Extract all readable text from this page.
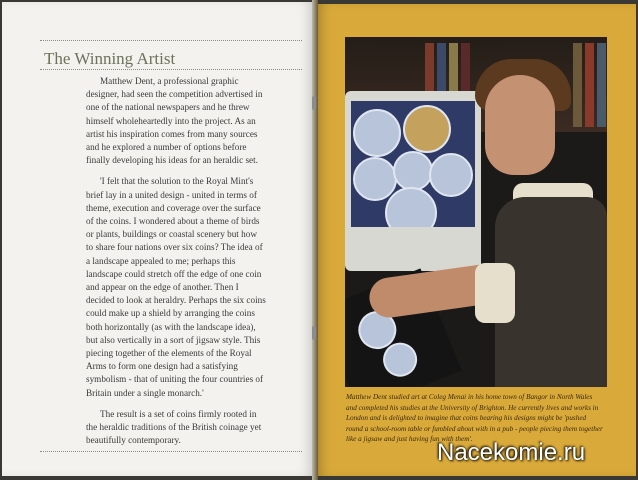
The Winning Artist

Matthew Dent, a professional graphic designer, had seen the competition advertised in one of the national newspapers and he threw himself wholeheartedly into the project. As an artist his inspiration comes from many sources and he explored a number of options before finally developing his ideas for an heraldic set.

'I felt that the solution to the Royal Mint's brief lay in a united design - united in terms of theme, execution and coverage over the surface of the coins. I wondered about a theme of birds or plants, buildings or coastal scenery but how to share four nations over six coins? The idea of a landscape appealed to me; perhaps this landscape could stretch off the edge of one coin and appear on the edge of another. Then I decided to look at heraldry. Perhaps the six coins could make up a shield by arranging the coins both horizontally (as with the landscape idea), but also vertically in a sort of jigsaw style. This piecing together of the elements of the Royal Arms to form one design had a satisfying symbolism - that of uniting the four countries of Britain under a single monarch.'

The result is a set of coins firmly rooted in the heraldic traditions of the British coinage yet beautifully contemporary.

Matthew Dent studied art at Coleg Menai in his home town of Bangor in North Wales and completed his studies at the University of Brighton. He currently lives and works in London and is delighted to imagine that coins bearing his designs might be 'pushed round a school-room table or fumbled about with in a pub - people piecing them together like a jigsaw and just having fun with them'.
Nacekomie.ru
